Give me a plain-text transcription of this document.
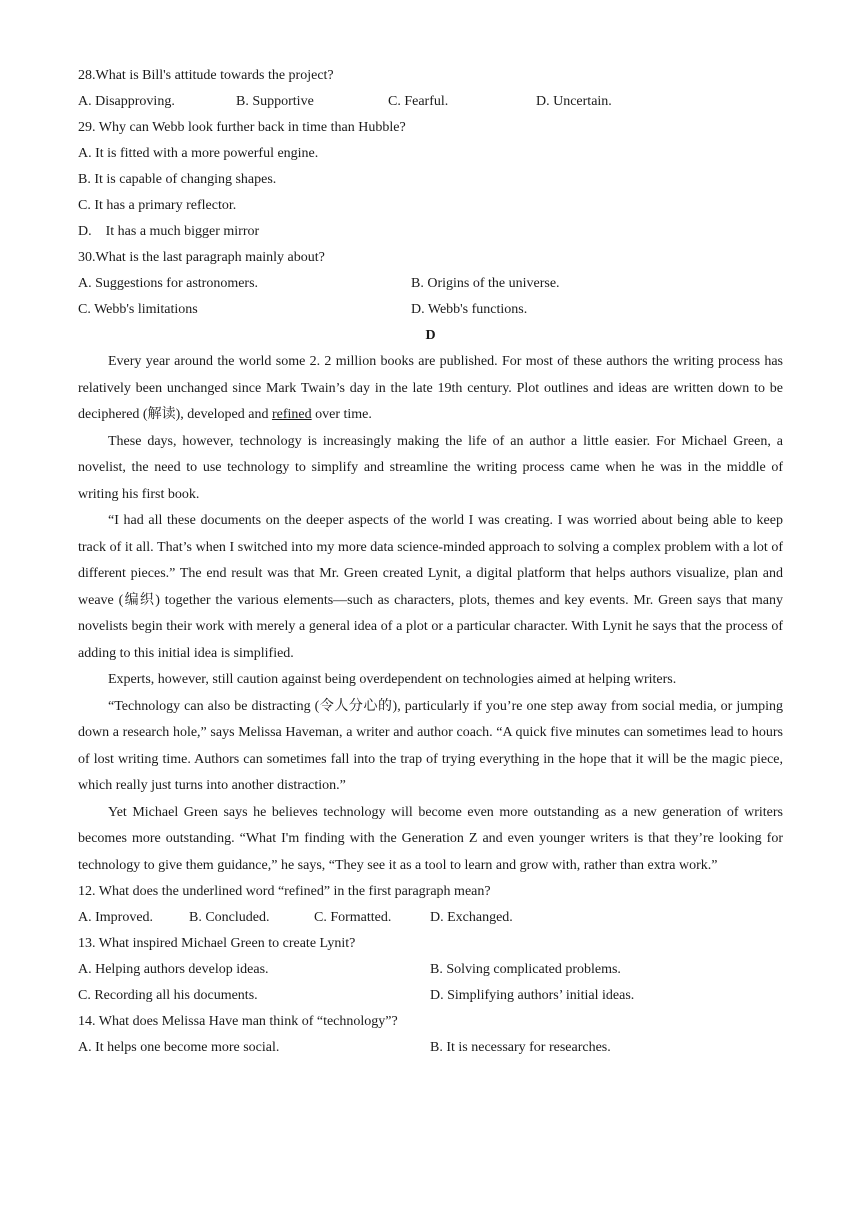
28.What is Bill's attitude towards the project?
A. Disapproving.	B. Supportive	C. Fearful.	D. Uncertain.
29. Why can Webb look further back in time than Hubble?
A. It is fitted with a more powerful engine.
B. It is capable of changing shapes.
C. It has a primary reflector.
D.    It has a much bigger mirror
30.What is the last paragraph mainly about?
A. Suggestions for astronomers.	B. Origins of the universe.
C. Webb's limitations	D. Webb's functions.
D

Every year around the world some 2. 2 million books are published. For most of these authors the writing process has relatively been unchanged since Mark Twain’s day in the late 19th century. Plot outlines and ideas are written down to be deciphered (解读), developed and refined over time.

These days, however, technology is increasingly making the life of an author a little easier. For Michael Green, a novelist, the need to use technology to simplify and streamline the writing process came when he was in the middle of writing his first book.

“I had all these documents on the deeper aspects of the world I was creating. I was worried about being able to keep track of it all. That’s when I switched into my more data science-minded approach to solving a complex problem with a lot of different pieces.” The end result was that Mr. Green created Lynit, a digital platform that helps authors visualize, plan and weave (编织) together the various elements—such as characters, plots, themes and key events. Mr. Green says that many novelists begin their work with merely a general idea of a plot or a particular character. With Lynit he says that the process of adding to this initial idea is simplified.

Experts, however, still caution against being overdependent on technologies aimed at helping writers.

“Technology can also be distracting (令人分心的), particularly if you’re one step away from social media, or jumping down a research hole,” says Melissa Haveman, a writer and author coach. “A quick five minutes can sometimes lead to hours of lost writing time. Authors can sometimes fall into the trap of trying everything in the hope that it will be the magic piece, which really just turns into another distraction.”

Yet Michael Green says he believes technology will become even more outstanding as a new generation of writers becomes more outstanding. “What I'm finding with the Generation Z and even younger writers is that they’re looking for technology to give them guidance,” he says, “They see it as a tool to learn and grow with, rather than extra work.”

12. What does the underlined word “refined” in the first paragraph mean?
A. Improved.	B. Concluded.	C. Formatted.	D. Exchanged.
13. What inspired Michael Green to create Lynit?
A. Helping authors develop ideas.	B. Solving complicated problems.
C. Recording all his documents.	D. Simplifying authors’ initial ideas.
14. What does Melissa Have man think of “technology”?
A. It helps one become more social.	B. It is necessary for researches.
